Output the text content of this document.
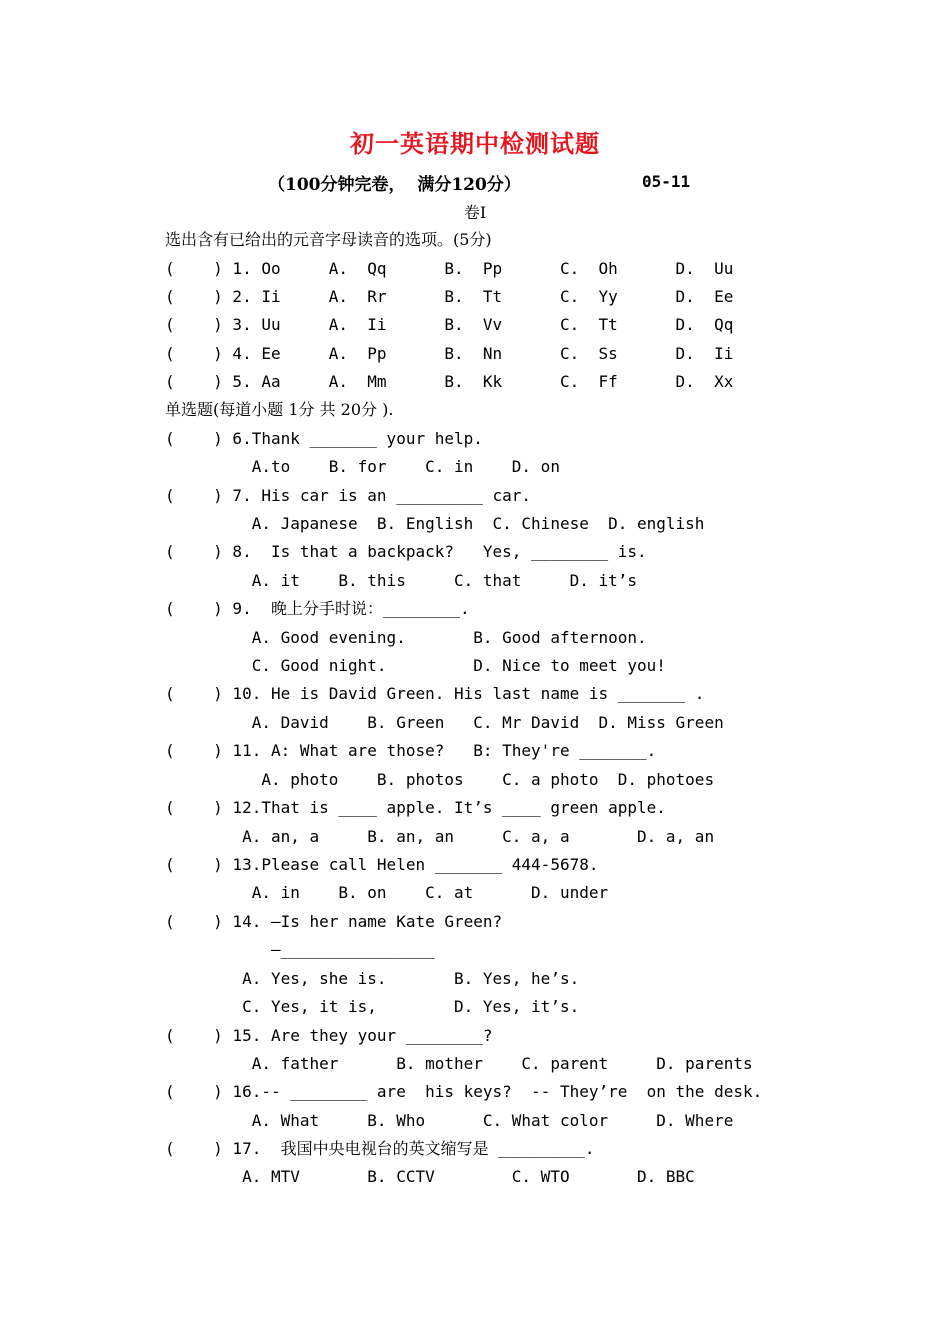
初一英语期中检测试题
（100分钟完卷，  满分120分）	05-11
卷Ⅰ
选出含有已给出的元音字母读音的选项。(5分)
(    ) 1. Oo     A.  Qq      B.  Pp      C.  Oh      D.  Uu
(    ) 2. Ii     A.  Rr      B.  Tt      C.  Yy      D.  Ee
(    ) 3. Uu     A.  Ii      B.  Vv      C.  Tt      D.  Qq
(    ) 4. Ee     A.  Pp      B.  Nn      C.  Ss      D.  Ii
(    ) 5. Aa     A.  Mm      B.  Kk      C.  Ff      D.  Xx
单选题(每道小题 1分 共 20分 ).
(    ) 6.Thank _______ your help.
A.to    B. for    C. in    D. on
(    ) 7. His car is an _________ car.
A. Japanese  B. English  C. Chinese  D. english
(    ) 8.  Is that a backpack?   Yes, ________ is.
A. it    B. this     C. that     D. it’s
(    ) 9.  晚上分手时说：________.
A. Good evening.       B. Good afternoon.
C. Good night.         D. Nice to meet you!
(    ) 10. He is David Green. His last name is _______ .
A. David    B. Green   C. Mr David  D. Miss Green
(    ) 11. A: What are those?   B: They're _______.
A. photo    B. photos    C. a photo  D. photoes
(    ) 12.That is ____ apple. It’s ____ green apple.
A. an, a     B. an, an     C. a, a       D. a, an
(    ) 13.Please call Helen _______ 444-5678.
A. in    B. on    C. at      D. under
(    ) 14. —Is her name Kate Green?
—________________
A. Yes, she is.       B. Yes, he’s.
C. Yes, it is,        D. Yes, it’s.
(    ) 15. Are they your ________?
A. father      B. mother    C. parent     D. parents
(    ) 16.-- ________ are  his keys?  -- They’re  on the desk.
A. What     B. Who      C. What color     D. Where
(    ) 17.  我国中央电视台的英文缩写是 _________.
A. MTV       B. CCTV        C. WTO       D. BBC
